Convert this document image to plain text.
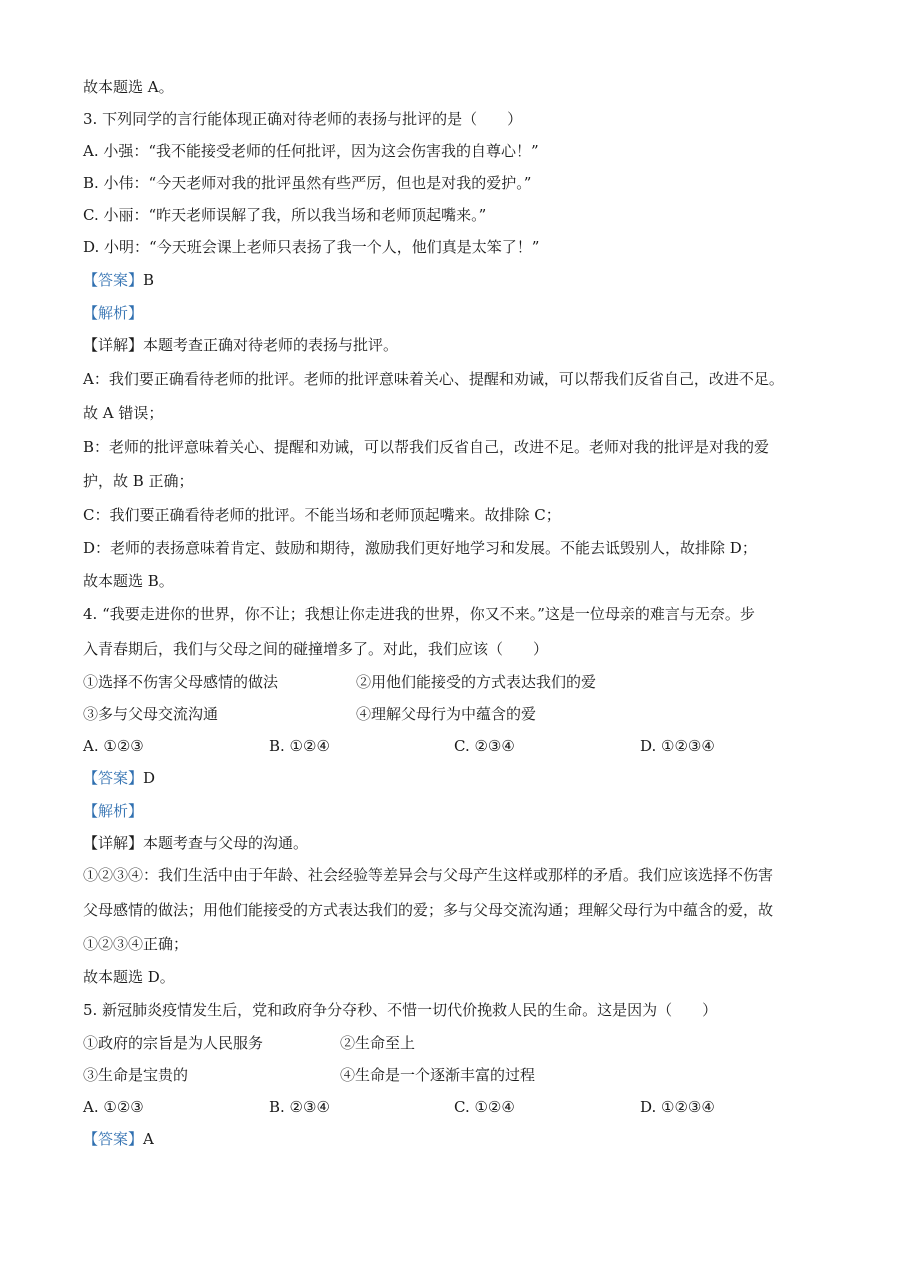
故本题选 A。
3. 下列同学的言行能体现正确对待老师的表扬与批评的是（　　）
A. 小强：“我不能接受老师的任何批评，因为这会伤害我的自尊心！”
B. 小伟：“今天老师对我的批评虽然有些严厉，但也是对我的爱护。”
C. 小丽：“昨天老师误解了我，所以我当场和老师顶起嘴来。”
D. 小明：“今天班会课上老师只表扬了我一个人，他们真是太笨了！”
【答案】B
【解析】
【详解】本题考查正确对待老师的表扬与批评。
A：我们要正确看待老师的批评。老师的批评意味着关心、提醒和劝诫，可以帮我们反省自己，改进不足。
故 A 错误；
B：老师的批评意味着关心、提醒和劝诫，可以帮我们反省自己，改进不足。老师对我的批评是对我的爱
护，故 B 正确；
C：我们要正确看待老师的批评。不能当场和老师顶起嘴来。故排除 C；
D：老师的表扬意味着肯定、鼓励和期待，激励我们更好地学习和发展。不能去诋毁别人，故排除 D；
故本题选 B。
4. “我要走进你的世界，你不让；我想让你走进我的世界，你又不来。”这是一位母亲的难言与无奈。步
入青春期后，我们与父母之间的碰撞增多了。对此，我们应该（　　）
①选择不伤害父母感情的做法	②用他们能接受的方式表达我们的爱
③多与父母交流沟通	④理解父母行为中蕴含的爱
A. ①②③	B. ①②④	C. ②③④	D. ①②③④
【答案】D
【解析】
【详解】本题考查与父母的沟通。
①②③④：我们生活中由于年龄、社会经验等差异会与父母产生这样或那样的矛盾。我们应该选择不伤害
父母感情的做法；用他们能接受的方式表达我们的爱；多与父母交流沟通；理解父母行为中蕴含的爱，故
①②③④正确；
故本题选 D。
5. 新冠肺炎疫情发生后，党和政府争分夺秒、不惜一切代价挽救人民的生命。这是因为（　　）
①政府的宗旨是为人民服务	②生命至上
③生命是宝贵的	④生命是一个逐渐丰富的过程
A. ①②③	B. ②③④	C. ①②④	D. ①②③④
【答案】A
